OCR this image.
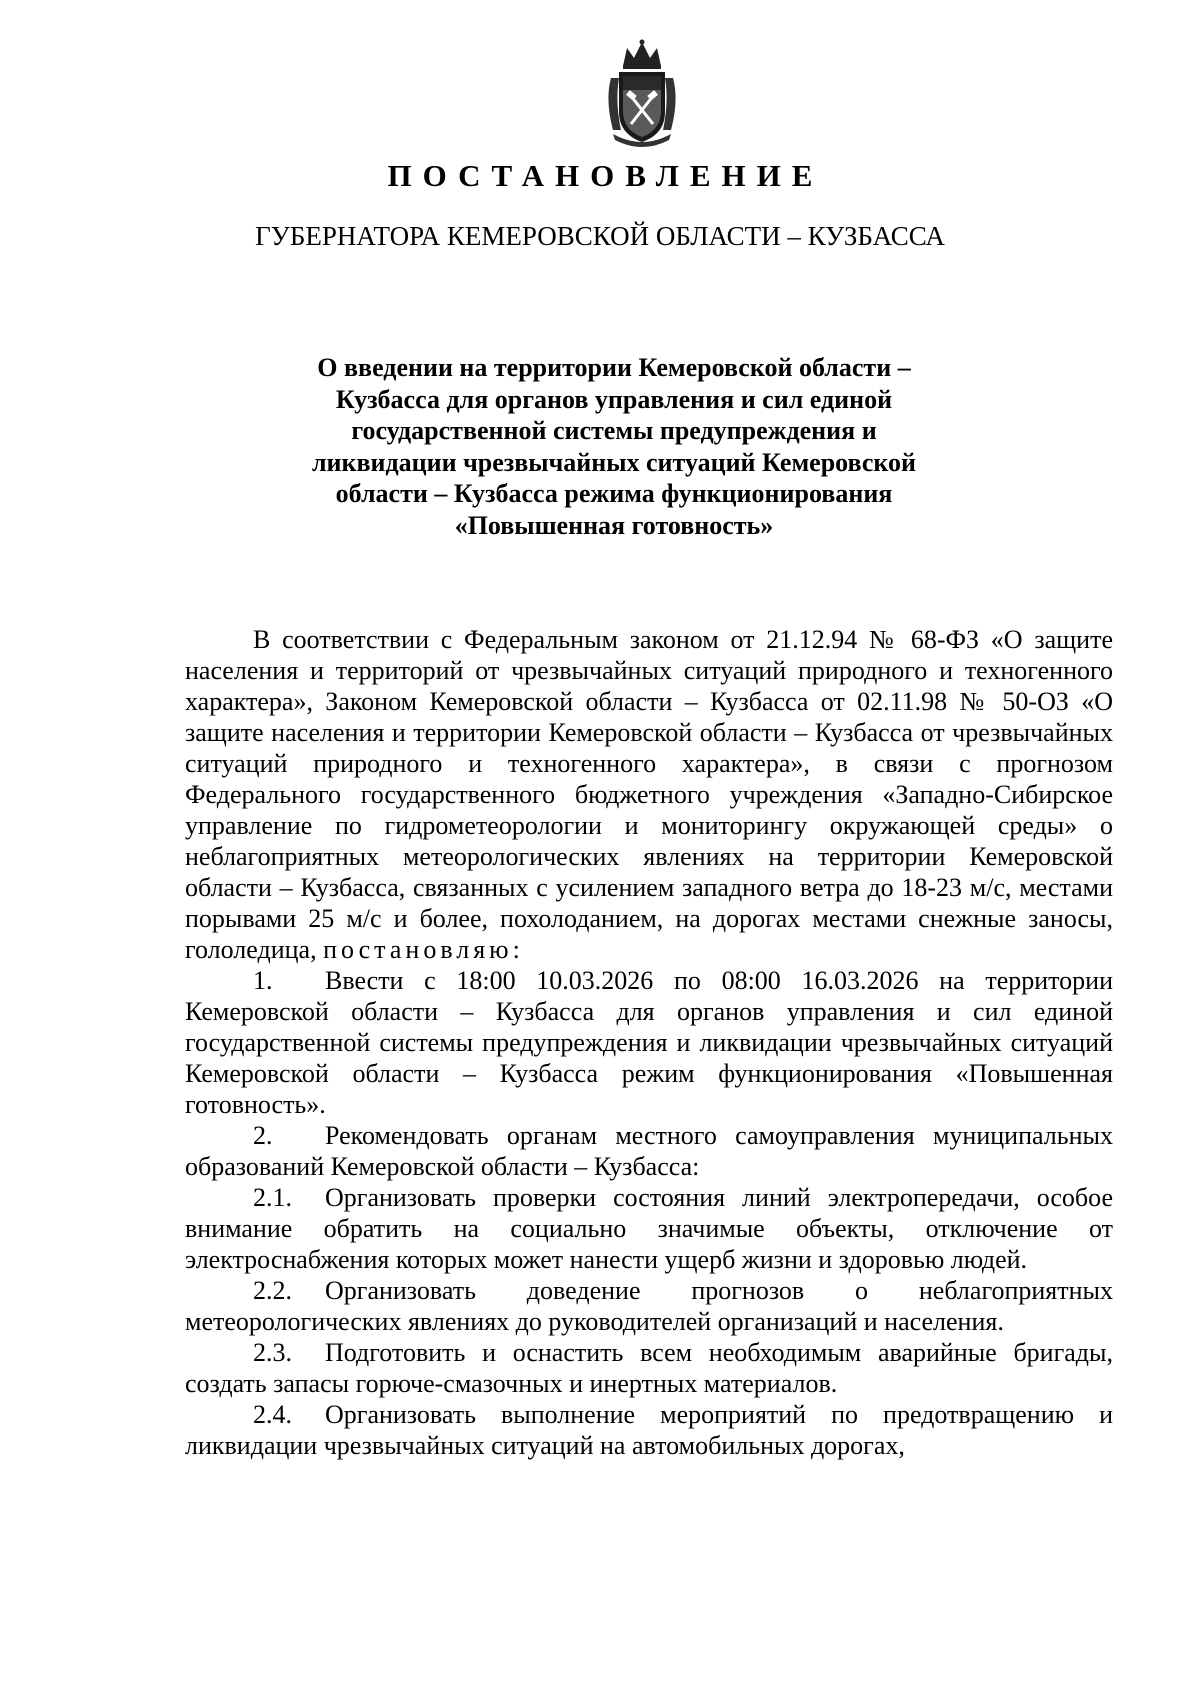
ПОСТАНОВЛЕНИЕ
ГУБЕРНАТОРА КЕМЕРОВСКОЙ ОБЛАСТИ – КУЗБАССА
О введении на территории Кемеровской области –
Кузбасса для органов управления и сил единой
государственной системы предупреждения и
ликвидации чрезвычайных ситуаций Кемеровской
области – Кузбасса режима функционирования
«Повышенная готовность»

В соответствии с Федеральным законом от 21.12.94 № 68-ФЗ «О защите населения и территорий от чрезвычайных ситуаций природного и техногенного характера», Законом Кемеровской области – Кузбасса от 02.11.98 № 50-ОЗ «О защите населения и территории Кемеровской области – Кузбасса от чрезвычайных ситуаций природного и техногенного характера», в связи с прогнозом Федерального государственного бюджетного учреждения «Западно-Сибирское управление по гидрометеорологии и мониторингу окружающей среды» о неблагоприятных метеорологических явлениях на территории Кемеровской области – Кузбасса, связанных с усилением западного ветра до 18-23 м/с, местами порывами 25 м/с и более, похолоданием, на дорогах местами снежные заносы, гололедица, постановляю:

1. Ввести с 18:00 10.03.2026 по 08:00 16.03.2026 на территории Кемеровской области – Кузбасса для органов управления и сил единой государственной системы предупреждения и ликвидации чрезвычайных ситуаций Кемеровской области – Кузбасса режим функционирования «Повышенная готовность».

2. Рекомендовать органам местного самоуправления муниципальных образований Кемеровской области – Кузбасса:

2.1. Организовать проверки состояния линий электропередачи, особое внимание обратить на социально значимые объекты, отключение от электроснабжения которых может нанести ущерб жизни и здоровью людей.

2.2. Организовать доведение прогнозов о неблагоприятных метеорологических явлениях до руководителей организаций и населения.

2.3. Подготовить и оснастить всем необходимым аварийные бригады, создать запасы горюче-смазочных и инертных материалов.

2.4. Организовать выполнение мероприятий по предотвращению и ликвидации чрезвычайных ситуаций на автомобильных дорогах,
